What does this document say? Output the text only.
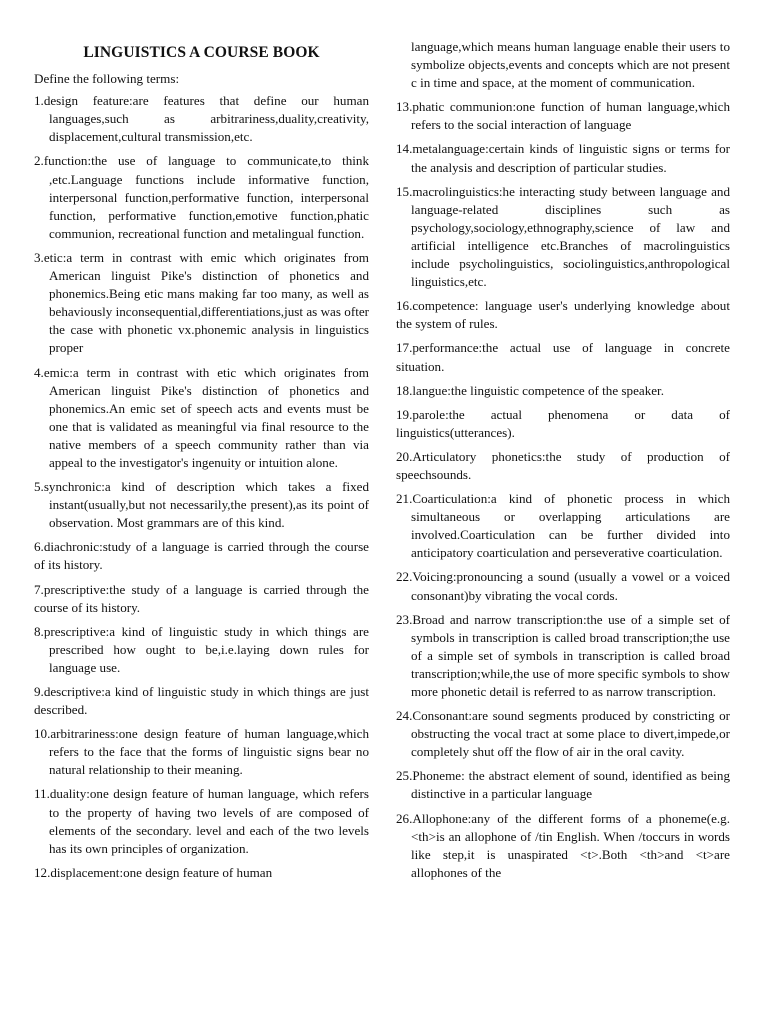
LINGUISTICS A COURSE BOOK
Define the following terms:

1.design feature:are features that define our human languages,such as arbitrariness,duality,creativity, displacement,cultural transmission,etc.

2.function:the use of language to communicate,to think ,etc.Language functions include informative function, interpersonal function,performative function, interpersonal function, performative function,emotive function,phatic communion, recreational function and metalingual function.

3.etic:a term in contrast with emic which originates from American linguist Pike's distinction of phonetics and phonemics.Being etic mans making far too many, as well as behaviously inconsequential,differentiations,just as was ofter the case with phonetic vx.phonemic analysis in linguistics proper

4.emic:a term in contrast with etic which originates from American linguist Pike's distinction of phonetics and phonemics.An emic set of speech acts and events must be one that is validated as meaningful via final resource to the native members of a speech community rather than via appeal to the investigator's ingenuity or intuition alone.

5.synchronic:a kind of description which takes a fixed instant(usually,but not necessarily,the present),as its point of observation. Most grammars are of this kind.

6.diachronic:study of a language is carried through the course of its history.

7.prescriptive:the study of a language is carried through the course of its history.

8.prescriptive:a kind of linguistic study in which things are prescribed how ought to be,i.e.laying down rules for language use.

9.descriptive:a kind of linguistic study in which things are just described.

10.arbitrariness:one design feature of human language,which refers to the face that the forms of linguistic signs bear no natural relationship to their meaning.

11.duality:one design feature of human language, which refers to the property of having two levels of are composed of elements of the secondary. level and each of the two levels has its own principles of organization.

12.displacement:one design feature of human

language,which means human language enable their users to symbolize objects,events and concepts which are not present c in time and space, at the moment of communication.

13.phatic communion:one function of human language,which refers to the social interaction of language

14.metalanguage:certain kinds of linguistic signs or terms for the analysis and description of particular studies.

15.macrolinguistics:he interacting study between language and language-related disciplines such as psychology,sociology,ethnography,science of law and artificial intelligence etc.Branches of macrolinguistics include psycholinguistics, sociolinguistics,anthropological linguistics,etc.

16.competence: language user's underlying knowledge about the system of rules.

17.performance:the actual use of language in concrete situation.

18.langue:the linguistic competence of the speaker.

19.parole:the actual phenomena or data of linguistics(utterances).

20.Articulatory phonetics:the study of production of speechsounds.

21.Coarticulation:a kind of phonetic process in which simultaneous or overlapping articulations are involved.Coarticulation can be further divided into anticipatory coarticulation and perseverative coarticulation.

22.Voicing:pronouncing a sound (usually a vowel or a voiced consonant)by vibrating the vocal cords.

23.Broad and narrow transcription:the use of a simple set of symbols in transcription is called broad transcription;the use of a simple set of symbols in transcription is called broad transcription;while,the use of more specific symbols to show more phonetic detail is referred to as narrow transcription.

24.Consonant:are sound segments produced by constricting or obstructing the vocal tract at some place to divert,impede,or completely shut off the flow of air in the oral cavity.

25.Phoneme: the abstract element of sound, identified as being distinctive in a particular language

26.Allophone:any of the different forms of a phoneme(e.g.<th>is an allophone of /tin English. When /toccurs in words like step,it is unaspirated <t>.Both <th>and <t>are allophones of the
